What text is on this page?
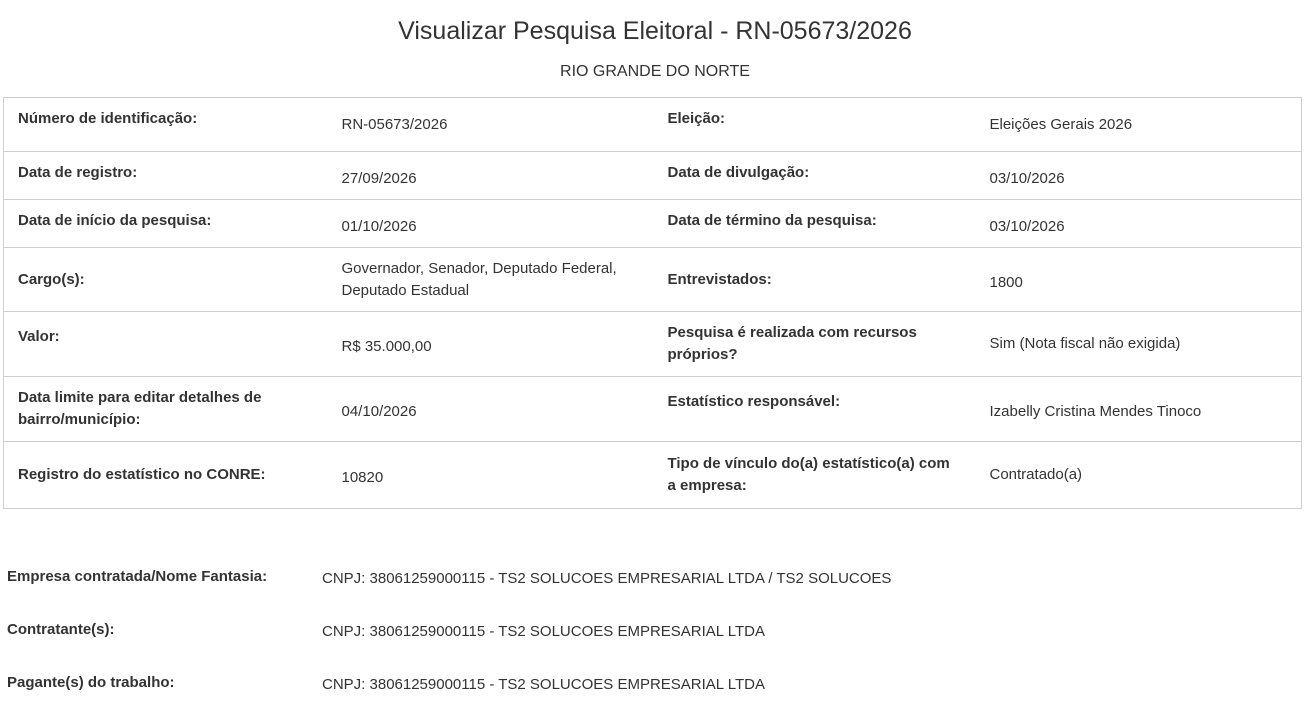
Visualizar Pesquisa Eleitoral - RN-05673/2026
RIO GRANDE DO NORTE
Número de identificação:	RN-05673/2026	Eleição:	Eleições Gerais 2026
Data de registro:	27/09/2026	Data de divulgação:	03/10/2026
Data de início da pesquisa:	01/10/2026	Data de término da pesquisa:	03/10/2026
Cargo(s):	Governador, Senador, Deputado Federal, Deputado Estadual	Entrevistados:	1800
Valor:	R$ 35.000,00	Pesquisa é realizada com recursos próprios?	Sim (Nota fiscal não exigida)
Data limite para editar detalhes de bairro/município:	04/10/2026	Estatístico responsável:	Izabelly Cristina Mendes Tinoco
Registro do estatístico no CONRE:	10820	Tipo de vínculo do(a) estatístico(a) com a empresa:	Contratado(a)
Empresa contratada/Nome Fantasia:	CNPJ: 38061259000115 - TS2 SOLUCOES EMPRESARIAL LTDA / TS2 SOLUCOES
Contratante(s):	CNPJ: 38061259000115 - TS2 SOLUCOES EMPRESARIAL LTDA
Pagante(s) do trabalho:	CNPJ: 38061259000115 - TS2 SOLUCOES EMPRESARIAL LTDA
